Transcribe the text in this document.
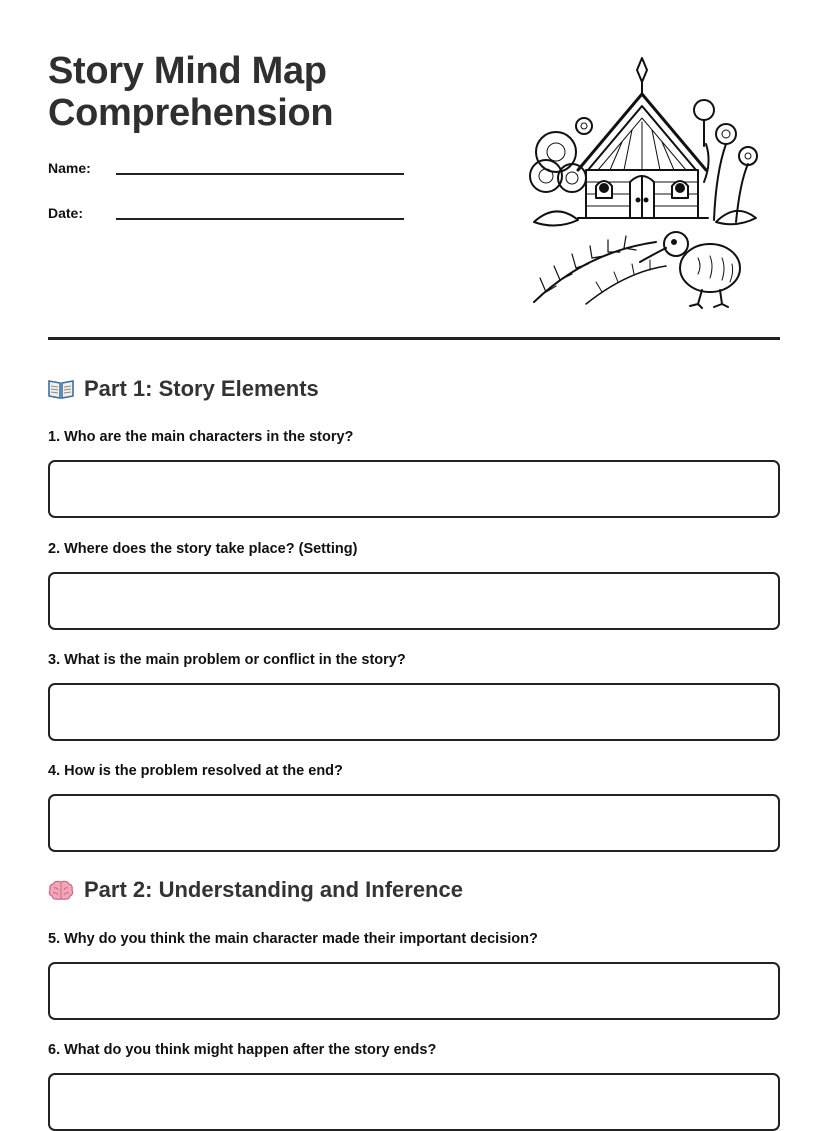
Story Mind Map
Comprehension
Name:
Date:
Part 1: Story Elements
1. Who are the main characters in the story?
2. Where does the story take place? (Setting)
3. What is the main problem or conflict in the story?
4. How is the problem resolved at the end?
Part 2: Understanding and Inference
5. Why do you think the main character made their important decision?
6. What do you think might happen after the story ends?
